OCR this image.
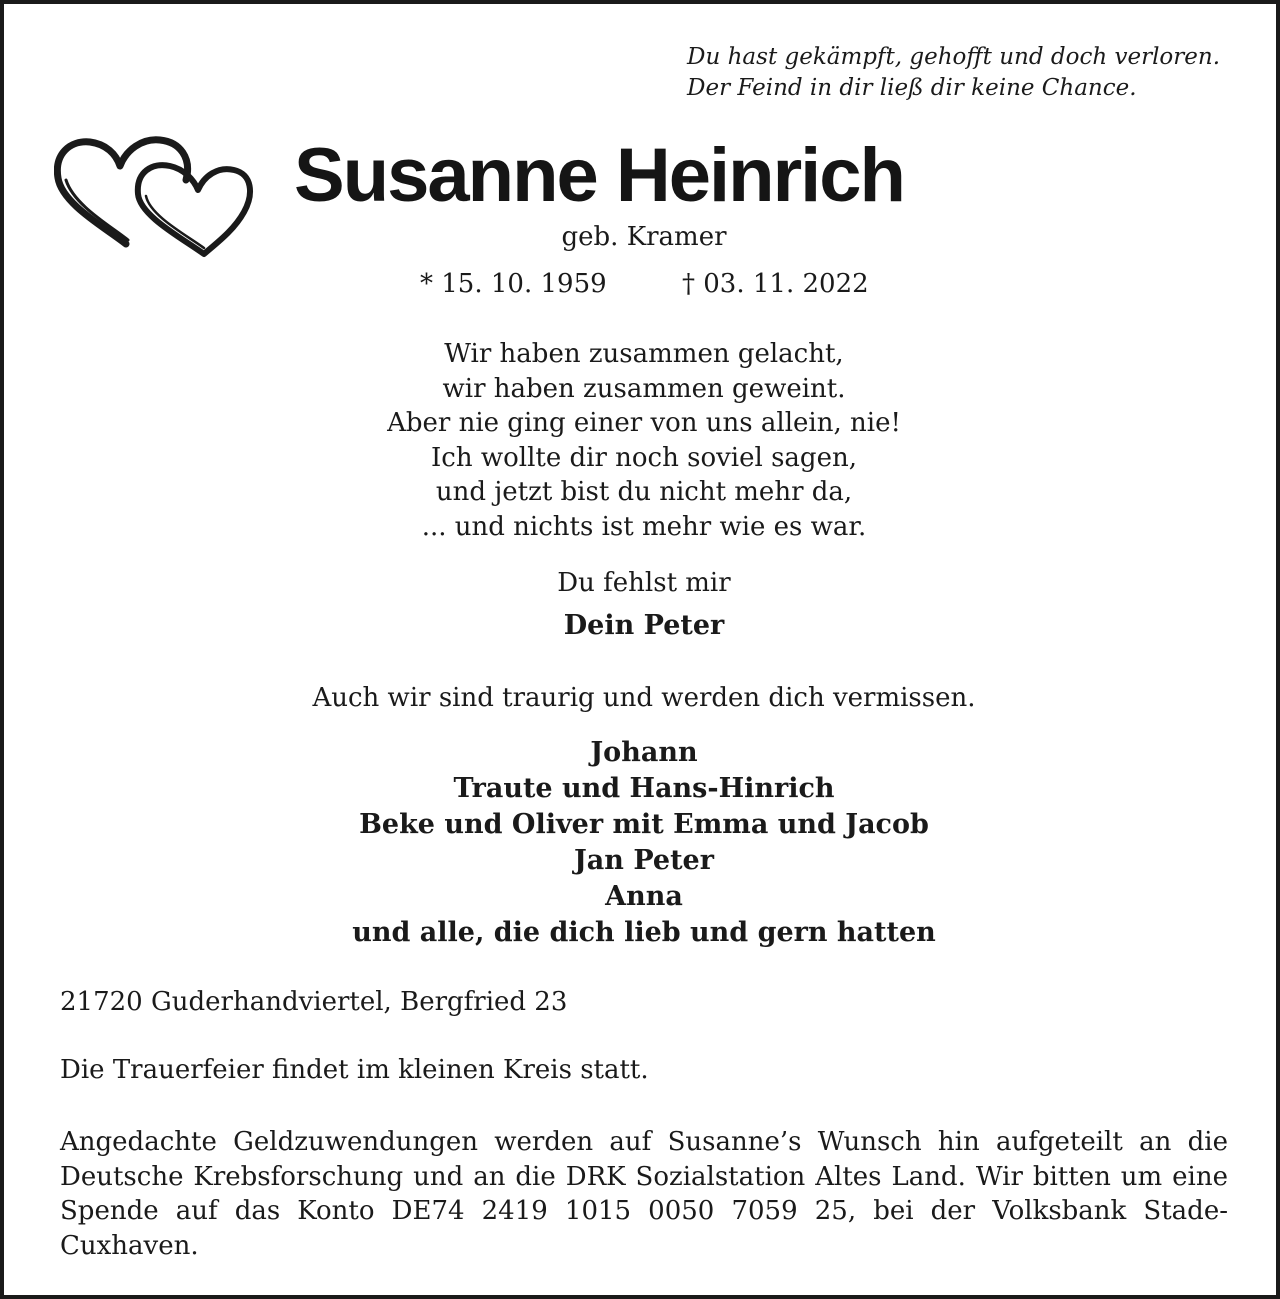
Du hast gekämpft, gehofft und doch verloren.
Der Feind in dir ließ dir keine Chance.
Susanne Heinrich
geb. Kramer
* 15. 10. 1959	† 03. 11. 2022
Wir haben zusammen gelacht,
wir haben zusammen geweint.
Aber nie ging einer von uns allein, nie!
Ich wollte dir noch soviel sagen,
und jetzt bist du nicht mehr da,
... und nichts ist mehr wie es war.
Du fehlst mir
Dein Peter
Auch wir sind traurig und werden dich vermissen.
Johann
Traute und Hans-Hinrich
Beke und Oliver mit Emma und Jacob
Jan Peter
Anna
und alle, die dich lieb und gern hatten
21720 Guderhandviertel, Bergfried 23
Die Trauerfeier findet im kleinen Kreis statt.
Angedachte Geldzuwendungen werden auf Susanne’s Wunsch hin aufgeteilt an die Deutsche Krebsforschung und an die DRK Sozialstation Altes Land. Wir bitten um eine Spende auf das Konto DE74 2419 1015 0050 7059 25, bei der Volksbank Stade-Cuxhaven.
